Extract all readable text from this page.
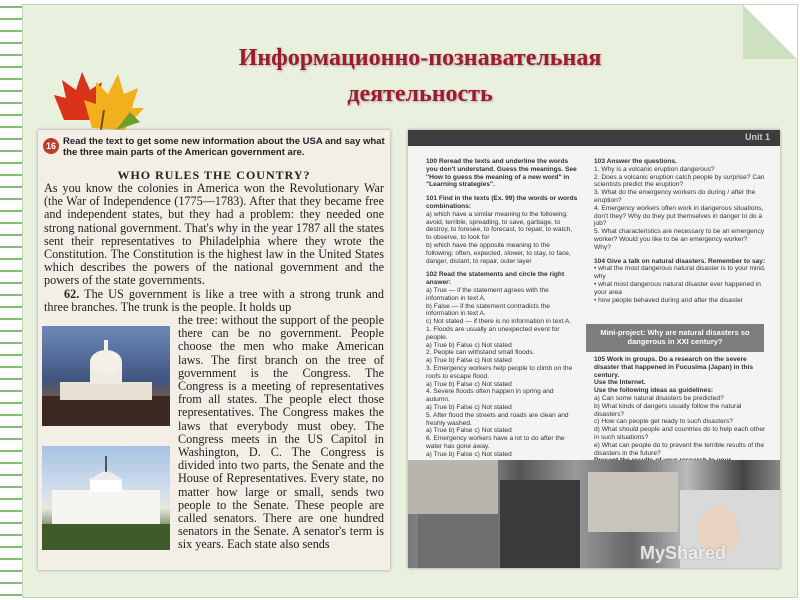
Информационно-познавательная
деятельность
16 Read the text to get some new information about the USA and say what the three main parts of the American government are.
WHO RULES THE COUNTRY?
As you know the colonies in America won the Revolutionary War (the War of Independence (1775—1783). After that they became free and independent states, but they had a problem: they needed one strong national government. That's why in the year 1787 all the states sent their representatives to Philadelphia where they wrote the Constitution. The Constitution is the highest law in the United States which describes the powers of the national government and the powers of the state governments.
62. The US government is like a tree with a strong trunk and three branches. The trunk is the people. It holds up
the tree: without the support of the people there can be no government. People choose the men who make American laws. The first branch on the tree of government is the Congress. The Congress is a meeting of representatives from all states. The people elect those representatives. The Congress makes the laws that everybody must obey. The Congress meets in the US Capitol in Washington, D. C. The Congress is divided into two parts, the Senate and the House of Representatives. Every state, no matter how large or small, sends two people to the Senate. These people are called senators. There are one hundred senators in the Senate. A senator's term is six years. Each state also sends
Unit 1
100 Reread the texts and underline the words you don't understand. Guess the meanings. See "How to guess the meaning of a new word" in "Learning strategies".
101 Find in the texts (Ex. 99) the words or words combinations:
a) which have a similar meaning to the following: avoid, terrible, spreading, to save, garbage, to destroy, to foresee, to forecast, to repair, to watch, to observe, to look for
b) which have the opposite meaning to the following: often, expected, slower, to stay, to face, danger, distant, to repair, outer layer
102 Read the statements and circle the right answer:
a) True — if the statement agrees with the information in text A.
b) False — if the statement contradicts the information in text A.
c) Not stated — if there is no information in text A.
1. Floods are usually an unexpected event for people.
a) True b) False c) Not stated
2. People can withstand small floods.
a) True b) False c) Not stated
3. Emergency workers help people to climb on the roofs to escape flood.
a) True b) False c) Not stated
4. Severe floods often happen in spring and autumn.
a) True b) False c) Not stated
5. After flood the streets and roads are clean and freshly washed.
a) True b) False c) Not stated
6. Emergency workers have a lot to do after the water has gone away.
a) True b) False c) Not stated
103 Answer the questions.
1. Why is a volcanic eruption dangerous?
2. Does a volcanic eruption catch people by surprise? Can scientists predict the eruption?
3. What do the emergency workers do during / after the eruption?
4. Emergency workers often work in dangerous situations, don't they? Why do they put themselves in danger to do a job?
5. What characteristics are necessary to be an emergency worker? Would you like to be an emergency worker? Why?
104 Give a talk on natural disasters. Remember to say:
• what the most dangerous natural disaster is to your mind, why
• what most dangerous natural disaster ever happened in your area
• how people behaved during and after the disaster
Mini-project: Why are natural disasters so dangerous in XXI century?
105 Work in groups. Do a research on the severe disaster that happened in Fucusima (Japan) in this century.
Use the Internet.
Use the following ideas as guidelines:
a) Can some natural disasters be predicted?
b) What kinds of dangers usually follow the natural disasters?
c) How can people get ready to such disasters?
d) What should people and countries do to help each other in such situations?
e) What can people do to prevent the terrible results of the disasters in the future?
MyShared
